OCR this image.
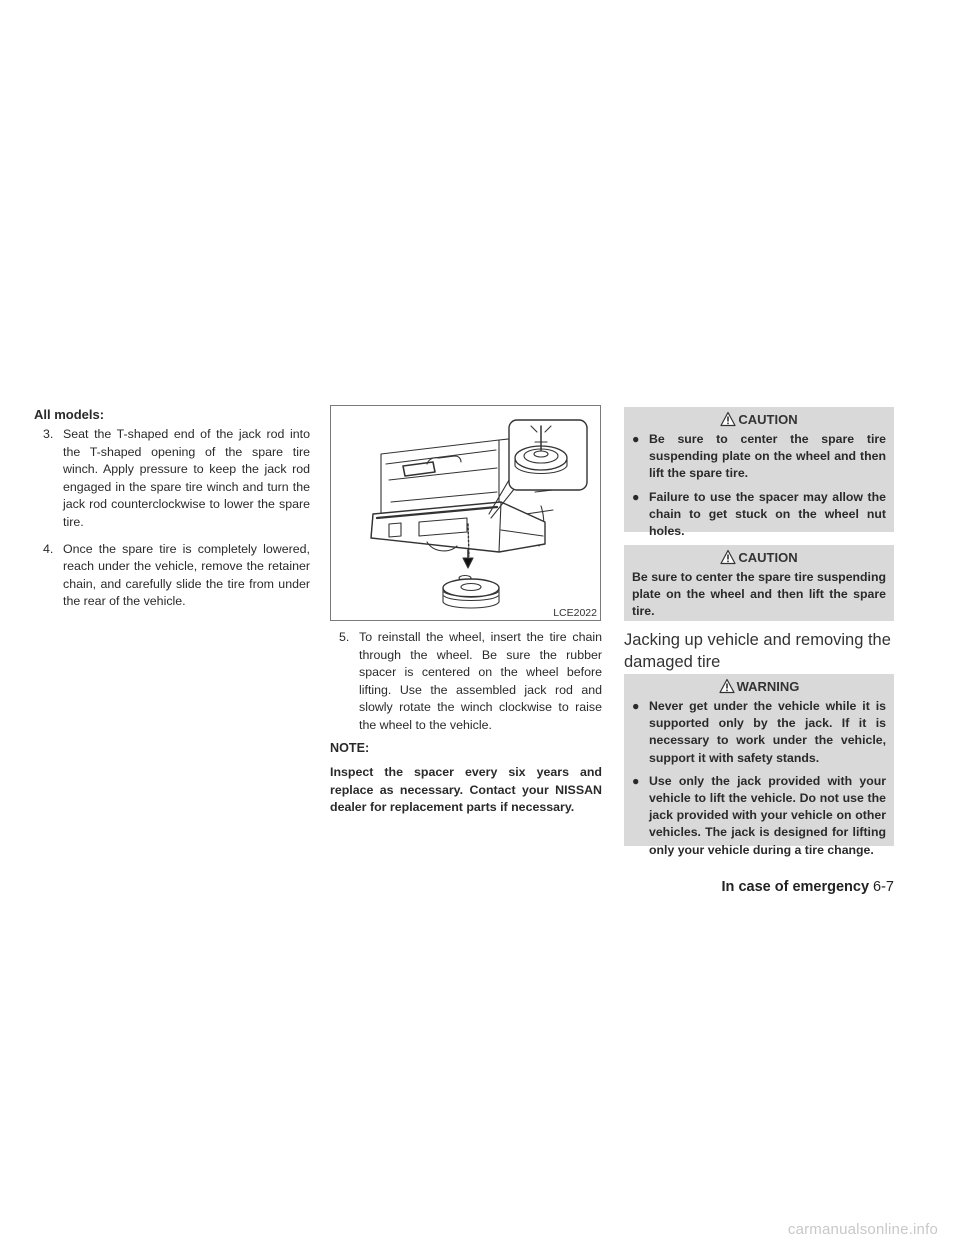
All models:
3. Seat the T-shaped end of the jack rod into the T-shaped opening of the spare tire winch. Apply pressure to keep the jack rod engaged in the spare tire winch and turn the jack rod counterclockwise to lower the spare tire.
4. Once the spare tire is completely lowered, reach under the vehicle, remove the retainer chain, and carefully slide the tire from under the rear of the vehicle.
LCE2022
5. To reinstall the wheel, insert the tire chain through the wheel. Be sure the rubber spacer is centered on the wheel before lifting. Use the assembled jack rod and slowly rotate the winch clockwise to raise the wheel to the vehicle.
NOTE:
Inspect the spacer every six years and replace as necessary. Contact your NISSAN dealer for replacement parts if necessary.
CAUTION
● Be sure to center the spare tire suspending plate on the wheel and then lift the spare tire.
● Failure to use the spacer may allow the chain to get stuck on the wheel nut holes.
CAUTION
Be sure to center the spare tire suspending plate on the wheel and then lift the spare tire.
Jacking up vehicle and removing the damaged tire
WARNING
● Never get under the vehicle while it is supported only by the jack. If it is necessary to work under the vehicle, support it with safety stands.
● Use only the jack provided with your vehicle to lift the vehicle. Do not use the jack provided with your vehicle on other vehicles. The jack is designed for lifting only your vehicle during a tire change.
In case of emergency 6-7
carmanualsonline.info
